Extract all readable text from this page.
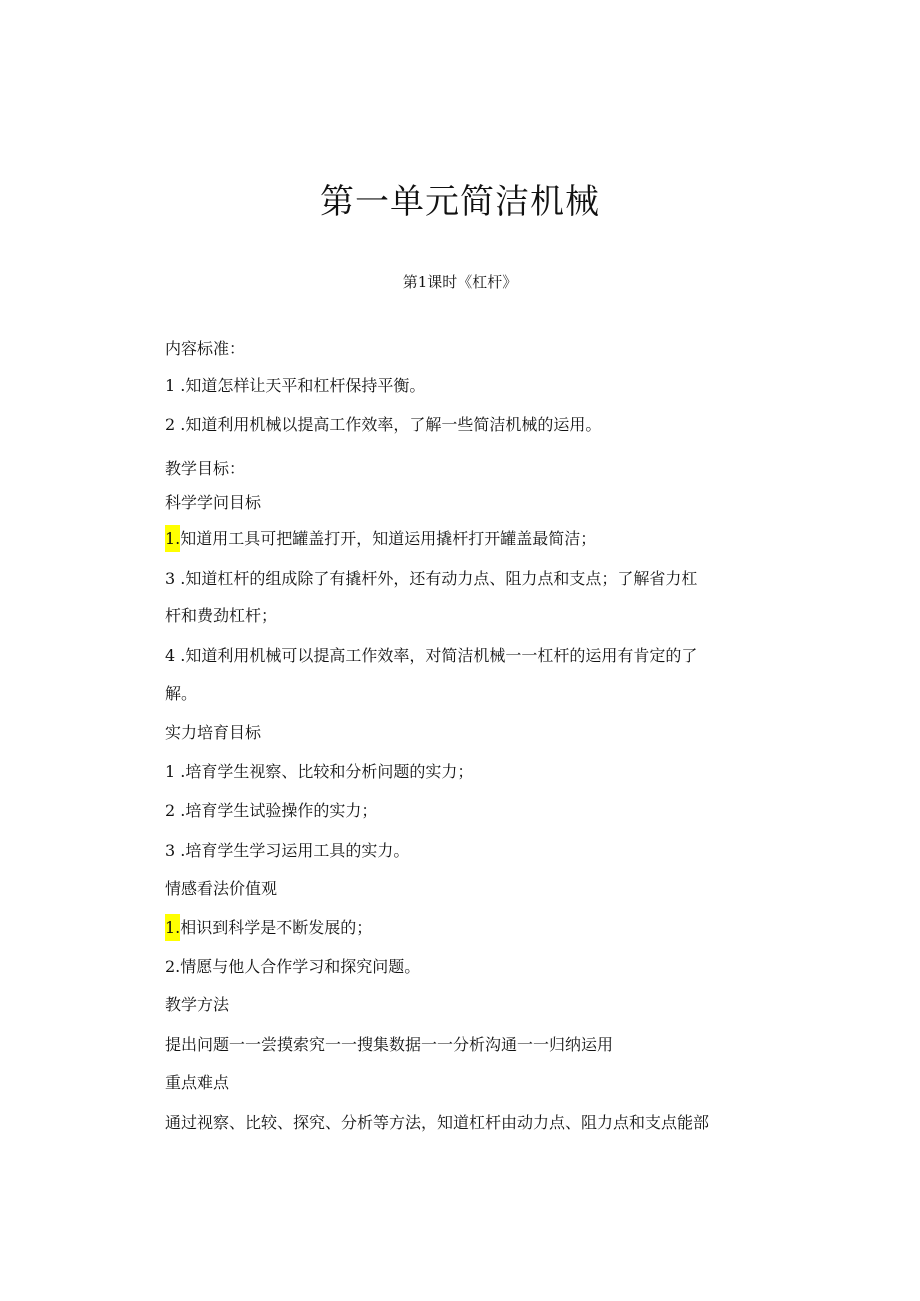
第一单元简洁机械
第1课时《杠杆》
内容标准：
1 .知道怎样让天平和杠杆保持平衡。
2 .知道利用机械以提高工作效率，了解一些简洁机械的运用。
教学目标：
科学学问目标
1.知道用工具可把罐盖打开，知道运用撬杆打开罐盖最简洁；
3 .知道杠杆的组成除了有撬杆外，还有动力点、阻力点和支点；了解省力杠
杆和费劲杠杆；
4 .知道利用机械可以提高工作效率，对简洁机械一一杠杆的运用有肯定的了
解。
实力培育目标
1 .培育学生视察、比较和分析问题的实力；
2 .培育学生试验操作的实力；
3 .培育学生学习运用工具的实力。
情感看法价值观
1.相识到科学是不断发展的；
2.情愿与他人合作学习和探究问题。
教学方法
提出问题一一尝摸索究一一搜集数据一一分析沟通一一归纳运用
重点难点
通过视察、比较、探究、分析等方法，知道杠杆由动力点、阻力点和支点能部
